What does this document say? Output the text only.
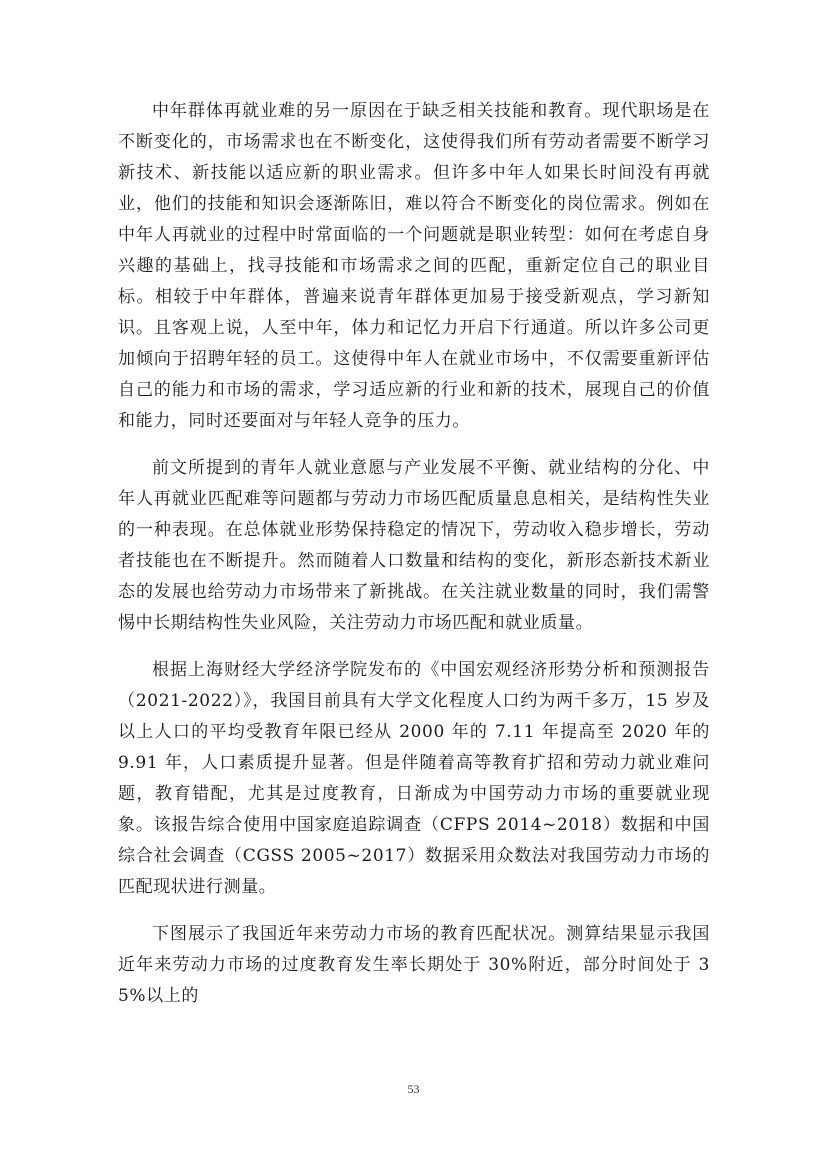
中年群体再就业难的另一原因在于缺乏相关技能和教育。现代职场是在不断变化的，市场需求也在不断变化，这使得我们所有劳动者需要不断学习新技术、新技能以适应新的职业需求。但许多中年人如果长时间没有再就业，他们的技能和知识会逐渐陈旧，难以符合不断变化的岗位需求。例如在中年人再就业的过程中时常面临的一个问题就是职业转型：如何在考虑自身兴趣的基础上，找寻技能和市场需求之间的匹配，重新定位自己的职业目标。相较于中年群体，普遍来说青年群体更加易于接受新观点，学习新知识。且客观上说，人至中年，体力和记忆力开启下行通道。所以许多公司更加倾向于招聘年轻的员工。这使得中年人在就业市场中，不仅需要重新评估自己的能力和市场的需求，学习适应新的行业和新的技术，展现自己的价值和能力，同时还要面对与年轻人竞争的压力。

前文所提到的青年人就业意愿与产业发展不平衡、就业结构的分化、中年人再就业匹配难等问题都与劳动力市场匹配质量息息相关，是结构性失业的一种表现。在总体就业形势保持稳定的情况下，劳动收入稳步增长，劳动者技能也在不断提升。然而随着人口数量和结构的变化，新形态新技术新业态的发展也给劳动力市场带来了新挑战。在关注就业数量的同时，我们需警惕中长期结构性失业风险，关注劳动力市场匹配和就业质量。

根据上海财经大学经济学院发布的《中国宏观经济形势分析和预测报告（2021-2022）》，我国目前具有大学文化程度人口约为两千多万，15 岁及以上人口的平均受教育年限已经从 2000 年的 7.11 年提高至 2020 年的 9.91 年，人口素质提升显著。但是伴随着高等教育扩招和劳动力就业难问题，教育错配，尤其是过度教育，日渐成为中国劳动力市场的重要就业现象。该报告综合使用中国家庭追踪调查（CFPS 2014~2018）数据和中国综合社会调查（CGSS 2005~2017）数据采用众数法对我国劳动力市场的匹配现状进行测量。

下图展示了我国近年来劳动力市场的教育匹配状况。测算结果显示我国近年来劳动力市场的过度教育发生率长期处于 30%附近，部分时间处于 35%以上的

53
